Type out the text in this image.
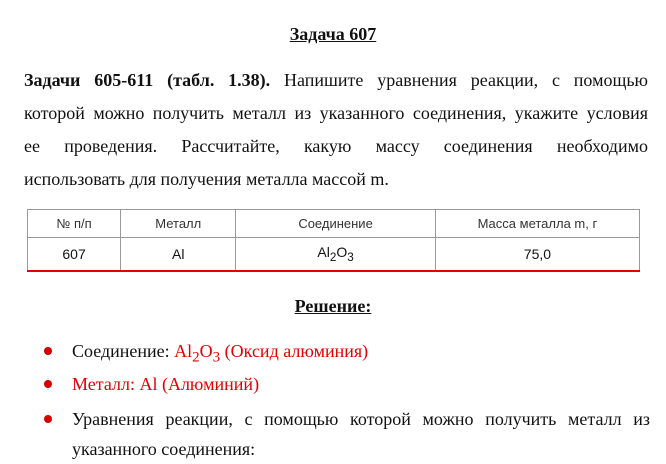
Задача 607

Задачи 605-611 (табл. 1.38). Напишите уравнения реакции, с помощью
которой можно получить металл из указанного соединения, укажите условия
ее проведения. Рассчитайте, какую массу соединения необходимо
использовать для получения металла массой m.

№ п/п	Металл	Соединение	Масса металла m, г
607	Al	$Al_2O_3$	75,0
Решение:
Соединение: $Al_2O_3$ (Оксид алюминия)
Металл: Al (Алюминий)
Уравнения реакции, с помощью которой можно получить металл из
указанного соединения:
